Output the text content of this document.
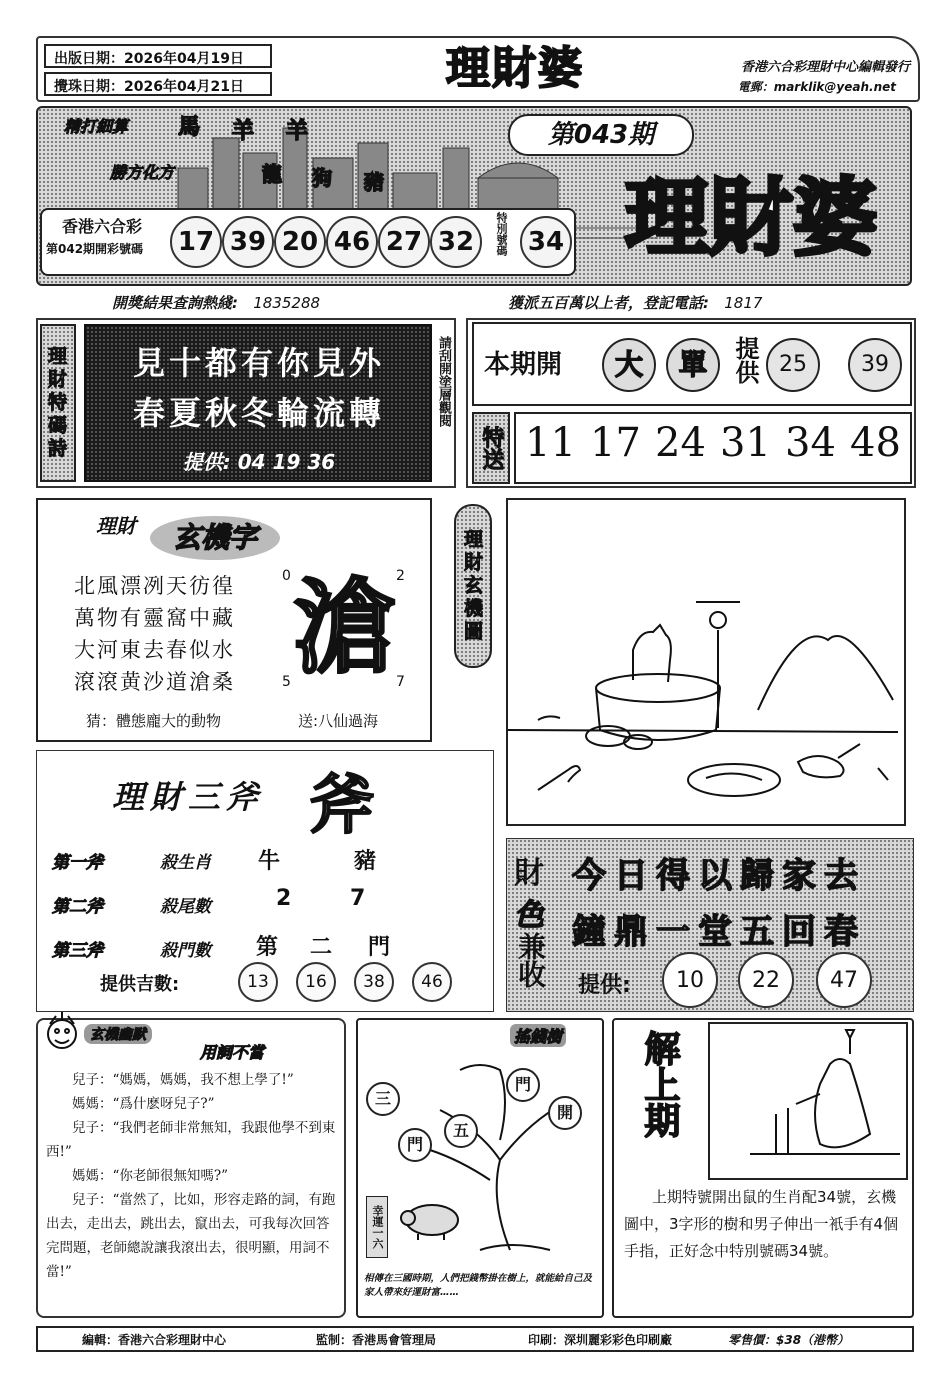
出版日期：2026年04月19日
攪珠日期：2026年04月21日	理財婆	香港六合彩理財中心編輯發行
電郵：marklik@yeah.net
精打細算 馬 羊 羊
勝方化方	龍 狗 豬
第043期
理財婆
香港六合彩
第042期開彩號碼	17 39 20 46 27 32	特別號碼 34
開獎結果查詢熱綫: 1835288	獲派五百萬以上者，登記電話: 1817
理財特碼詩	見十都有你見外
春夏秋冬輪流轉
提供: 04 19 36
請刮開塗層觀閱 本期開	大	單	提供 25	39
特送 11 17 24 31 34 48
理財	玄機字
北風漂冽天彷徨
萬物有靈窩中藏
大河東去春似水
滾滾黄沙道滄桑 滄
0	2
5	7
猜：體態龐大的動物	送:八仙過海
理財玄機圖
理財三斧 斧
第一斧	殺生肖 牛	豬
第二斧	殺尾數	2	7
第三斧	殺門數 第 二 門
提供吉數:	13	16	38	46
財
色
兼收
今日得以歸家去
鐘鼎一堂五回春
提供:	10	22	47
玄機幽默
用詞不當

兒子：“媽媽，媽媽，我不想上學了!”

媽媽：“爲什麽呀兒子?”

兒子：“我們老師非常無知，我跟他學不到東西!”

媽媽：“你老師很無知嗎?”

兒子：“當然了，比如，形容走路的詞，有跑出去，走出去，跳出去，竄出去，可我每次回答完問題，老師總說讓我滾出去，很明顯，用詞不當!”

搖錢樹
三
門
開
五
門
幸運一六
相傳在三國時期，人們把錢幣掛在樹上，就能給自己及家人帶來好運財富……
解上期
上期特號開出鼠的生肖配34號，玄機圖中，3字形的樹和男子伸出一衹手有4個手指，正好念中特別號碼34號。
編輯：香港六合彩理財中心	監制：香港馬會管理局	印刷：深圳麗彩彩色印刷廠	零售價：$38（港幣）
